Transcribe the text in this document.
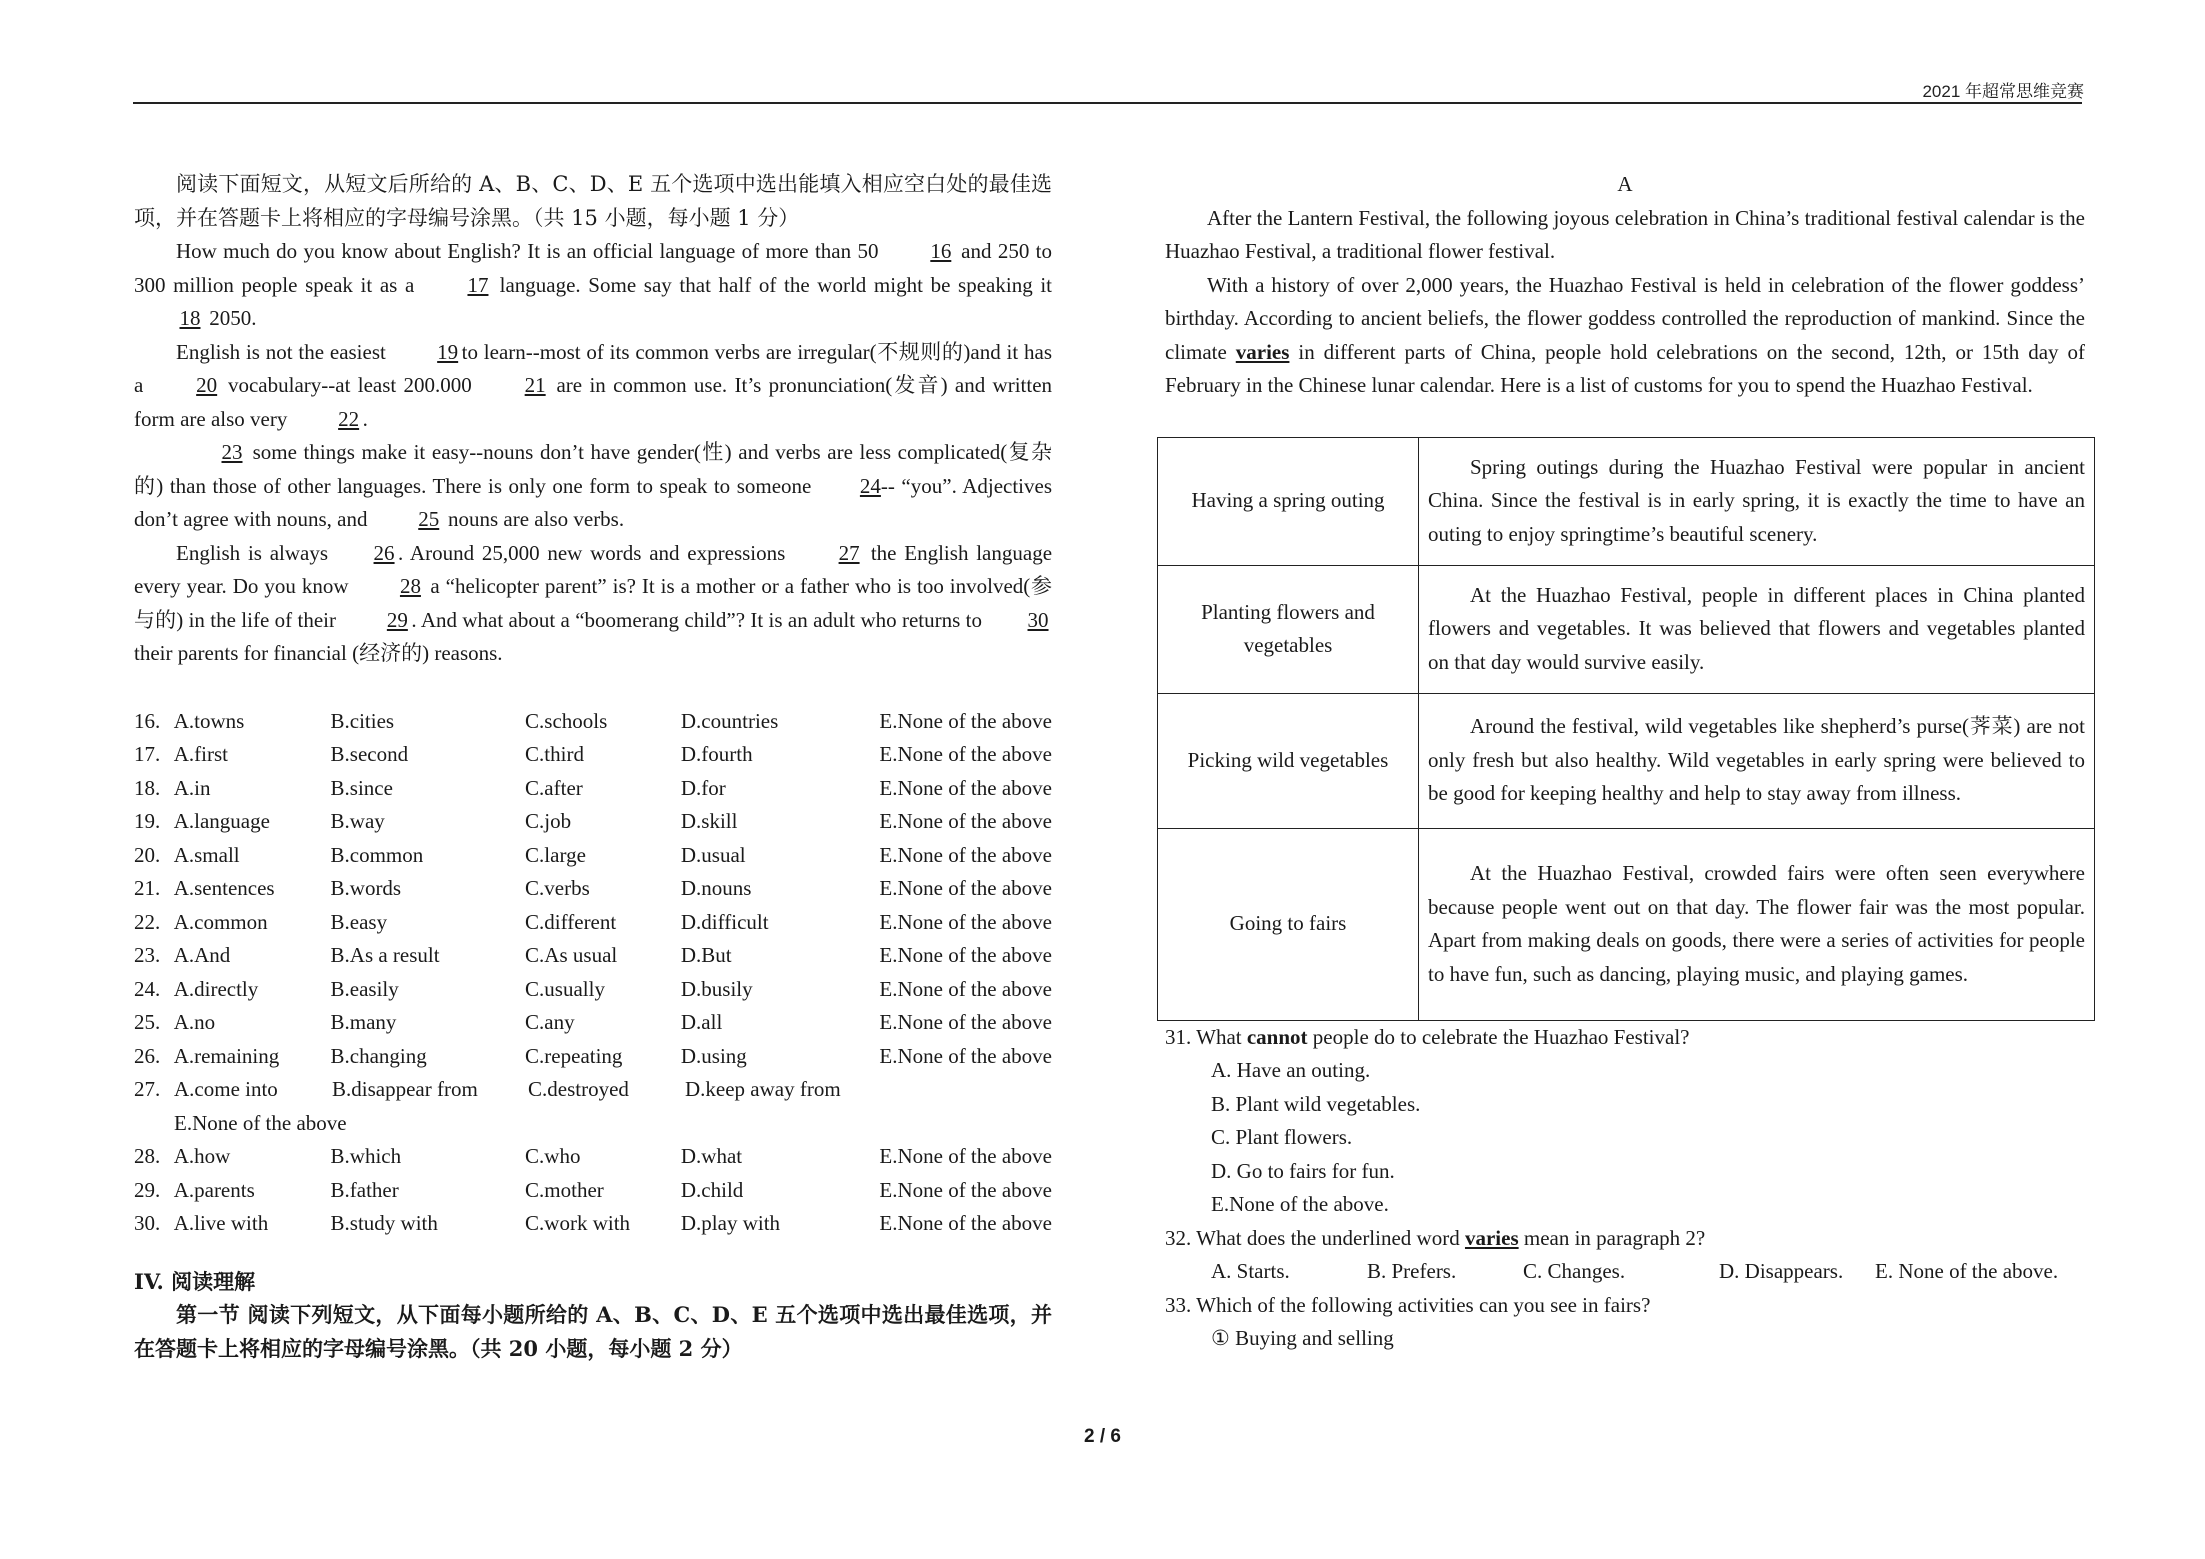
2021 年超常思维竞赛

阅读下面短文，从短文后所给的 A、B、C、D、E 五个选项中选出能填入相应空白处的最佳选项，并在答题卡上将相应的字母编号涂黑。（共 15 小题，每小题 1 分）

How much do you know about English? It is an official language of more than 50 16 and 250 to 300 million people speak it as a 17 language. Some say that half of the world might be speaking it 18 2050.

English is not the easiest 19 to learn--most of its common verbs are irregular(不规则的)and it has a 20 vocabulary--at least 200.000 21 are in common use. It’s pronunciation(发音) and written form are also very 22 .

23 some things make it easy--nouns don’t have gender(性) and verbs are less complicated(复杂的) than those of other languages. There is only one form to speak to someone 24-- “you”. Adjectives don’t agree with nouns, and 25 nouns are also verbs.

English is always 26 . Around 25,000 new words and expressions 27 the English language every year. Do you know 28 a “helicopter parent” is? It is a mother or a father who is too involved(参与的) in the life of their 29 . And what about a “boomerang child”? It is an adult who returns to 30 their parents for financial (经济的) reasons.

16. A.towns	B.cities	C.schools	D.countries	E.None of the above
17. A.first	B.second	C.third	D.fourth	E.None of the above
18. A.in	B.since	C.after	D.for	E.None of the above
19. A.language	B.way	C.job	D.skill	E.None of the above
20. A.small	B.common	C.large	D.usual	E.None of the above
21. A.sentences	B.words	C.verbs	D.nouns	E.None of the above
22. A.common	B.easy	C.different	D.difficult	E.None of the above
23. A.And	B.As a result	C.As usual	D.But	E.None of the above
24. A.directly	B.easily	C.usually	D.busily	E.None of the above
25. A.no	B.many	C.any	D.all	E.None of the above
26. A.remaining	B.changing	C.repeating	D.using	E.None of the above
27. A.come into	B.disappear from	C.destroyed	D.keep away from
E.None of the above
28. A.how	B.which	C.who	D.what	E.None of the above
29. A.parents	B.father	C.mother	D.child	E.None of the above
30. A.live with	B.study with	C.work with	D.play with	E.None of the above

IV. 阅读理解

第一节 阅读下列短文，从下面每小题所给的 A、B、C、D、E 五个选项中选出最佳选项，并在答题卡上将相应的字母编号涂黑。（共 20 小题，每小题 2 分）

A

After the Lantern Festival, the following joyous celebration in China’s traditional festival calendar is the Huazhao Festival, a traditional flower festival.

With a history of over 2,000 years, the Huazhao Festival is held in celebration of the flower goddess’ birthday. According to ancient beliefs, the flower goddess controlled the reproduction of mankind. Since the climate varies in different parts of China, people hold celebrations on the second, 12th, or 15th day of February in the Chinese lunar calendar. Here is a list of customs for you to spend the Huazhao Festival.

Having a spring outing	Spring outings during the Huazhao Festival were popular in ancient China. Since the festival is in early spring, it is exactly the time to have an outing to enjoy springtime’s beautiful scenery.
Planting flowers and vegetables	At the Huazhao Festival, people in different places in China planted flowers and vegetables. It was believed that flowers and vegetables planted on that day would survive easily.
Picking wild vegetables	Around the festival, wild vegetables like shepherd’s purse(荠菜) are not only fresh but also healthy. Wild vegetables in early spring were believed to be good for keeping healthy and help to stay away from illness.
Going to fairs	At the Huazhao Festival, crowded fairs were often seen everywhere because people went out on that day. The flower fair was the most popular. Apart from making deals on goods, there were a series of activities for people to have fun, such as dancing, playing music, and playing games.

31. What cannot people do to celebrate the Huazhao Festival?

A. Have an outing.

B. Plant wild vegetables.

C. Plant flowers.

D. Go to fairs for fun.

E.None of the above.

32. What does the underlined word varies mean in paragraph 2?

A. Starts.	B. Prefers.	C. Changes.	D. Disappears.	E. None of the above.

33. Which of the following activities can you see in fairs?

① Buying and selling

2 / 6
